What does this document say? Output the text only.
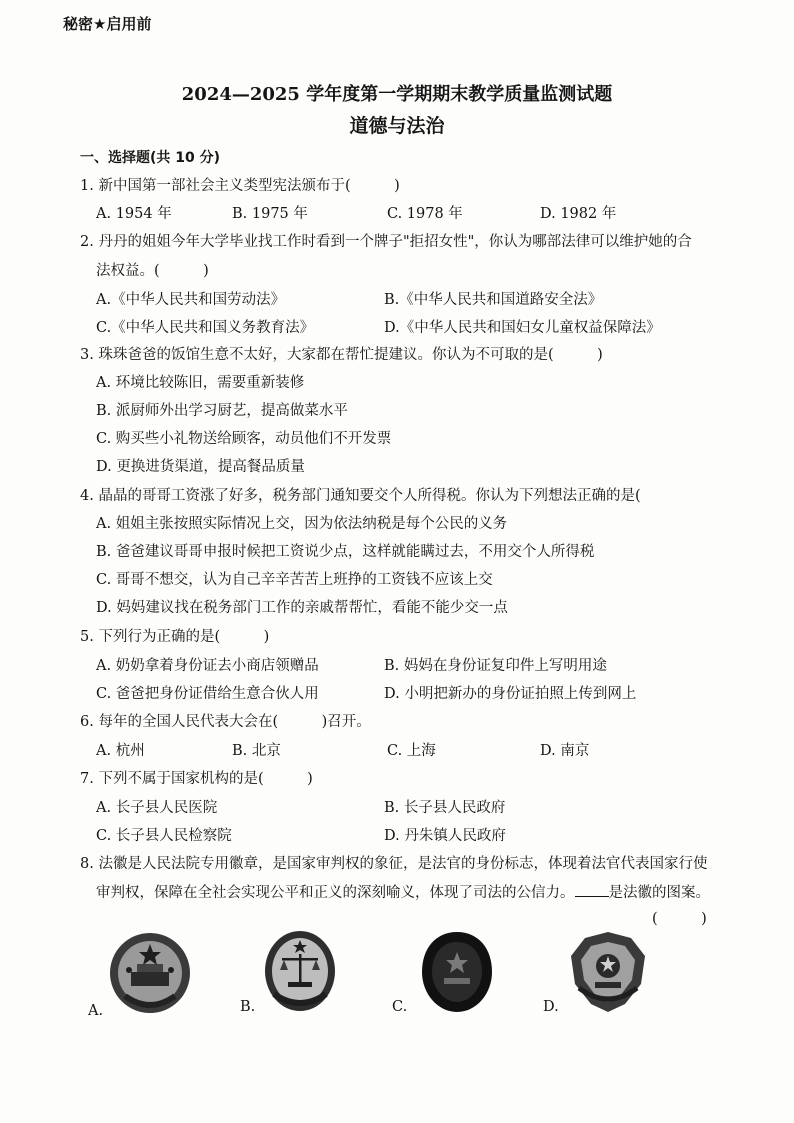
秘密★启用前
2024—2025 学年度第一学期期末教学质量监测试题
道德与法治
一、选择题(共 10 分)
1. 新中国第一部社会主义类型宪法颁布于(　　　)
A. 1954 年	B. 1975 年	C. 1978 年	D. 1982 年
2. 丹丹的姐姐今年大学毕业找工作时看到一个牌子"拒招女性"，你认为哪部法律可以维护她的合
法权益。(　　　)
A.《中华人民共和国劳动法》	B.《中华人民共和国道路安全法》
C.《中华人民共和国义务教育法》	D.《中华人民共和国妇女儿童权益保障法》
3. 珠珠爸爸的饭馆生意不太好，大家都在帮忙提建议。你认为不可取的是(　　　)
A. 环境比较陈旧，需要重新装修
B. 派厨师外出学习厨艺，提高做菜水平
C. 购买些小礼物送给顾客，动员他们不开发票
D. 更换进货渠道，提高餐品质量
4. 晶晶的哥哥工资涨了好多，税务部门通知要交个人所得税。你认为下列想法正确的是(
A. 姐姐主张按照实际情况上交，因为依法纳税是每个公民的义务
B. 爸爸建议哥哥申报时候把工资说少点，这样就能瞒过去，不用交个人所得税
C. 哥哥不想交，认为自己辛辛苦苦上班挣的工资钱不应该上交
D. 妈妈建议找在税务部门工作的亲戚帮帮忙，看能不能少交一点
5. 下列行为正确的是(　　　)
A. 奶奶拿着身份证去小商店领赠品	B. 妈妈在身份证复印件上写明用途
C. 爸爸把身份证借给生意合伙人用	D. 小明把新办的身份证拍照上传到网上
6. 每年的全国人民代表大会在(　　　)召开。
A. 杭州	B. 北京	C. 上海	D. 南京
7. 下列不属于国家机构的是(　　　)
A. 长子县人民医院	B. 长子县人民政府
C. 长子县人民检察院	D. 丹朱镇人民政府
8. 法徽是人民法院专用徽章，是国家审判权的象征，是法官的身份标志，体现着法官代表国家行使
审判权，保障在全社会实现公平和正义的深刻喻义，体现了司法的公信力。 是法徽的图案。
(　　　)
A.	B.	C.	D.
